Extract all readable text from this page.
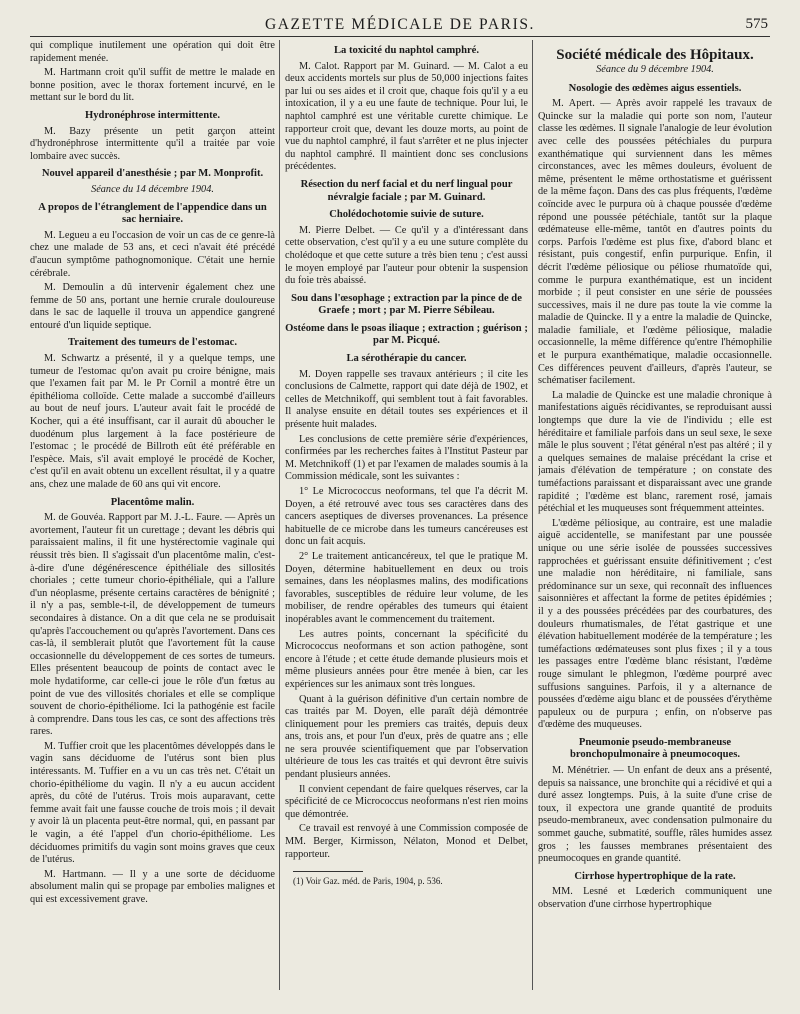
GAZETTE MÉDICALE DE PARIS.	575

qui complique inutilement une opération qui doit être rapidement menée.

M. Hartmann croit qu'il suffit de mettre le malade en bonne position, avec le thorax fortement incurvé, en le mettant sur le bord du lit.

Hydronéphrose intermittente.

M. Bazy présente un petit garçon atteint d'hydronéphrose intermittente qu'il a traitée par voie lombaire avec succès.

Nouvel appareil d'anesthésie ; par M. Monprofit.

Séance du 14 décembre 1904.

A propos de l'étranglement de l'appendice dans un sac herniaire.

M. Legueu a eu l'occasion de voir un cas de ce genre-là chez une malade de 53 ans, et ceci n'avait été précédé d'aucun symptôme pathognomonique. C'était une hernie cérébrale.

M. Demoulin a dû intervenir également chez une femme de 50 ans, portant une hernie crurale douloureuse dans le sac de laquelle il trouva un appendice gangrené entouré d'un liquide septique.

Traitement des tumeurs de l'estomac.

M. Schwartz a présenté, il y a quelque temps, une tumeur de l'estomac qu'on avait pu croire bénigne, mais que l'examen fait par M. le Pr Cornil a montré être un épithélioma colloïde. Cette malade a succombé d'ailleurs au bout de neuf jours. L'auteur avait fait le procédé de Kocher, qui a été insuffisant, car il aurait dû aboucher le duodénum plus largement à la face postérieure de l'estomac ; le procédé de Billroth eût été préférable en l'espèce. Mais, s'il avait employé le procédé de Kocher, c'est qu'il en avait obtenu un excellent résultat, il y a quatre ans, chez une malade de 60 ans qui vit encore.

Placentôme malin.

M. de Gouvéa. Rapport par M. J.-L. Faure. — Après un avortement, l'auteur fit un curettage ; devant les débris qui paraissaient malins, il fit une hystérectomie vaginale qui réussit très bien. Il s'agissait d'un placentôme malin, c'est-à-dire d'une dégénérescence épithéliale des sillosités choriales ; cette tumeur chorio-épithéliale, qui a l'allure d'un néoplasme, présente certains caractères de bénignité ; il n'y a pas, semble-t-il, de développement de tumeurs secondaires à distance. On a dit que cela ne se produisait qu'après l'accouchement ou qu'après l'avortement. Dans ces cas-là, il semblerait plutôt que l'avortement fût la cause occasionnelle du développement de ces sortes de tumeurs. Elles présentent beaucoup de points de contact avec le mole hydatiforme, car celle-ci joue le rôle d'un fœtus au point de vue des villosités choriales et elle se complique souvent de chorio-épithéliome. Ici la pathogénie est facile à comprendre. Dans tous les cas, ce sont des affections très rares.

M. Tuffier croit que les placentômes développés dans le vagin sans déciduome de l'utérus sont bien plus intéressants. M. Tuffier en a vu un cas très net. C'était un chorio-épithéliome du vagin. Il n'y a eu aucun accident après, du côté de l'utérus. Trois mois auparavant, cette femme avait fait une fausse couche de trois mois ; il devait y avoir là un placenta peut-être normal, qui, en passant par le vagin, a été l'appel d'un chorio-épithéliome. Les déciduomes primitifs du vagin sont moins graves que ceux de l'utérus.

M. Hartmann. — Il y a une sorte de déciduome absolument malin qui se propage par embolies malignes et qui est excessivement grave.

La toxicité du naphtol camphré.

M. Calot. Rapport par M. Guinard. — M. Calot a eu deux accidents mortels sur plus de 50,000 injections faites par lui ou ses aides et il croit que, chaque fois qu'il y a eu intoxication, il y a eu une faute de technique. Pour lui, le naphtol camphré est une véritable curette chimique. Le rapporteur croit que, devant les douze morts, au point de vue du naphtol camphré, il faut s'arrêter et ne plus injecter du naphtol camphré. Il maintient donc ses conclusions précédentes.

Résection du nerf facial et du nerf lingual pour névralgie faciale ; par M. Guinard.
Cholédochotomie suivie de suture.

M. Pierre Delbet. — Ce qu'il y a d'intéressant dans cette observation, c'est qu'il y a eu une suture complète du cholédoque et que cette suture a très bien tenu ; c'est aussi le moyen employé par l'auteur pour obtenir la suspension du foie très abaissé.

Sou dans l'œsophage ; extraction par la pince de de Graefe ; mort ; par M. Pierre Sébileau.
Ostéome dans le psoas iliaque ; extraction ; guérison ; par M. Picqué.
La sérothérapie du cancer.

M. Doyen rappelle ses travaux antérieurs ; il cite les conclusions de Calmette, rapport qui date déjà de 1902, et celles de Metchnikoff, qui semblent tout à fait favorables. Il analyse ensuite en détail toutes ses expériences et il présente huit malades.

Les conclusions de cette première série d'expériences, confirmées par les recherches faites à l'Institut Pasteur par M. Metchnikoff (1) et par l'examen de malades soumis à la Commission médicale, sont les suivantes :

1° Le Micrococcus neoformans, tel que l'a décrit M. Doyen, a été retrouvé avec tous ses caractères dans des cancers aseptiques de diverses provenances. La présence habituelle de ce microbe dans les tumeurs cancéreuses est donc un fait acquis.

2° Le traitement anticancéreux, tel que le pratique M. Doyen, détermine habituellement en deux ou trois semaines, dans les néoplasmes malins, des modifications favorables, susceptibles de réduire leur volume, de les mobiliser, de rendre opérables des tumeurs qui étaient inopérables avant le commencement du traitement.

Les autres points, concernant la spécificité du Micrococcus neoformans et son action pathogène, sont encore à l'étude ; et cette étude demande plusieurs mois et même plusieurs années pour être menée à bien, car les expériences sur les animaux sont très longues.

Quant à la guérison définitive d'un certain nombre de cas traités par M. Doyen, elle paraît déjà démontrée cliniquement pour les premiers cas traités, depuis deux ans, trois ans, et pour l'un d'eux, près de quatre ans ; elle ne sera prouvée scientifiquement que par l'observation ultérieure de tous les cas traités et qui devront être suivis pendant plusieurs années.

Il convient cependant de faire quelques réserves, car la spécificité de ce Micrococcus neoformans n'est rien moins que démontrée.

Ce travail est renvoyé à une Commission composée de MM. Berger, Kirmisson, Nélaton, Monod et Delbet, rapporteur.

(1) Voir Gaz. méd. de Paris, 1904, p. 536.

Société médicale des Hôpitaux.
Séance du 9 décembre 1904.
Nosologie des œdèmes aigus essentiels.

M. Apert. — Après avoir rappelé les travaux de Quincke sur la maladie qui porte son nom, l'auteur classe les œdèmes. Il signale l'analogie de leur évolution avec celle des poussées pétéchiales du purpura exanthématique qui surviennent dans les mêmes circonstances, avec les mêmes douleurs, évoluent de même, présentent le même orthostatisme et guérissent de la même façon. Dans des cas plus fréquents, l'œdème coïncide avec le purpura où à chaque poussée d'œdème répond une poussée pétéchiale, tantôt sur la plaque œdémateuse elle-même, tantôt en d'autres points du corps. Parfois l'œdème est plus fixe, d'abord blanc et résistant, puis congestif, enfin purpurique. Enfin, il décrit l'œdème péliosique ou péliose rhumatoïde qui, comme le purpura exanthématique, est un incident morbide ; il peut consister en une série de poussées successives, mais il ne dure pas toute la vie comme la maladie de Quincke. Il y a entre la maladie de Quincke, maladie familiale, et l'œdème péliosique, maladie occasionnelle, la même différence qu'entre l'hémophilie et le purpura exanthématique, maladie occasionnelle. Ces différences peuvent d'ailleurs, d'après l'auteur, se schématiser facilement.

La maladie de Quincke est une maladie chronique à manifestations aiguës récidivantes, se reproduisant aussi longtemps que dure la vie de l'individu ; elle est héréditaire et familiale parfois dans un seul sexe, le sexe mâle le plus souvent ; l'état général n'est pas altéré ; il y a quelques semaines de malaise précédant la crise et jamais d'élévation de température ; on constate des tuméfactions paraissant et disparaissant avec une grande rapidité ; l'œdème est blanc, rarement rosé, jamais pétéchial et les muqueuses sont fréquemment atteintes.

L'œdème péliosique, au contraire, est une maladie aiguë accidentelle, se manifestant par une poussée unique ou une série isolée de poussées successives rapprochées et guérissant ensuite définitivement ; c'est une maladie non héréditaire, ni familiale, sans prédominance sur un sexe, qui reconnaît des influences saisonnières et affectant la forme de petites épidémies ; il y a des poussées précédées par des courbatures, des douleurs rhumatismales, de l'état gastrique et une élévation habituellement modérée de la température ; les tuméfactions œdémateuses sont plus fixes ; il y a tous les passages entre l'œdème blanc résistant, l'œdème rouge simulant le phlegmon, l'œdème pourpré avec suffusions sanguines. Parfois, il y a alternance de poussées d'œdème aigu blanc et de poussées d'érythème papuleux ou de purpura ; enfin, on n'observe pas d'œdème des muqueuses.

Pneumonie pseudo-membraneuse bronchopulmonaire à pneumocoques.

M. Ménétrier. — Un enfant de deux ans a présenté, depuis sa naissance, une bronchite qui a récidivé et qui a duré assez longtemps. Puis, à la suite d'une crise de toux, il expectora une grande quantité de produits pseudo-membraneux, avec condensation pulmonaire du sommet gauche, submatité, souffle, râles humides assez gros ; les fausses membranes présentaient des pneumocoques en grande quantité.

Cirrhose hypertrophique de la rate.

MM. Lesné et Lœderich communiquent une observation d'une cirrhose hypertrophique
